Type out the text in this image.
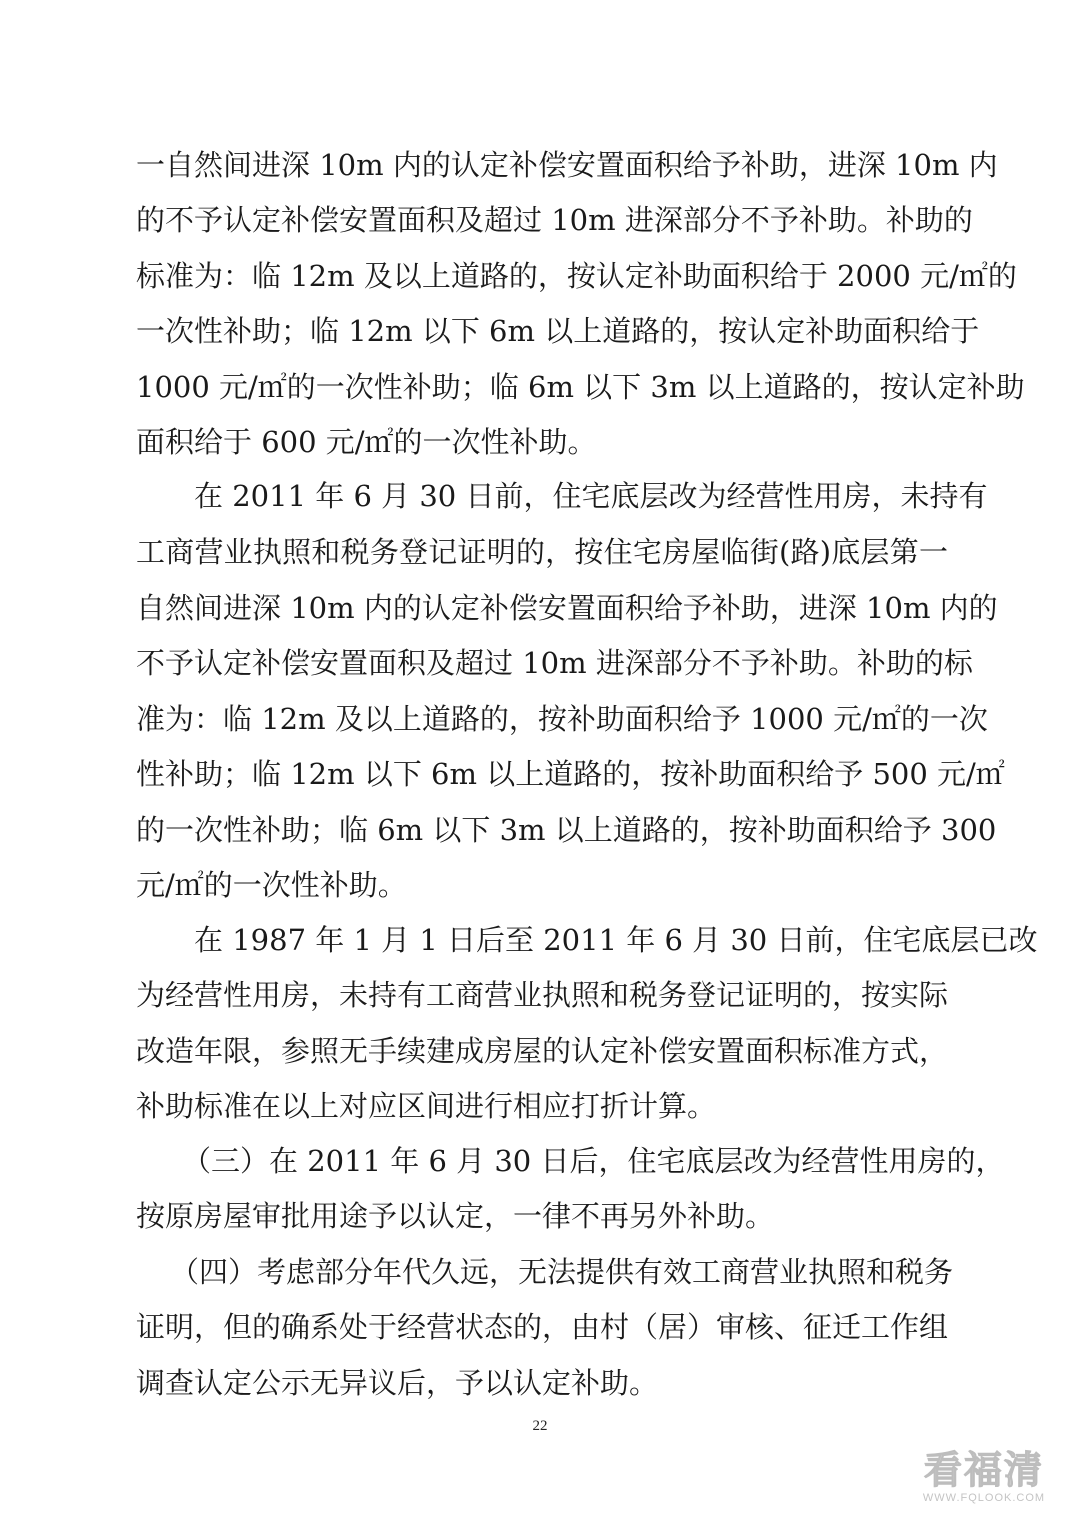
一自然间进深 10m 内的认定补偿安置面积给予补助，进深 10m 内
的不予认定补偿安置面积及超过 10m 进深部分不予补助。补助的
标准为：临 12m 及以上道路的，按认定补助面积给于 2000 元/㎡的
一次性补助；临 12m 以下 6m 以上道路的，按认定补助面积给于
1000 元/㎡的一次性补助；临 6m 以下 3m 以上道路的，按认定补助
面积给于 600 元/㎡的一次性补助。
在 2011 年 6 月 30 日前，住宅底层改为经营性用房，未持有
工商营业执照和税务登记证明的，按住宅房屋临街(路)底层第一
自然间进深 10m 内的认定补偿安置面积给予补助，进深 10m 内的
不予认定补偿安置面积及超过 10m 进深部分不予补助。补助的标
准为：临 12m 及以上道路的，按补助面积给予 1000 元/㎡的一次
性补助；临 12m 以下 6m 以上道路的，按补助面积给予 500 元/㎡
的一次性补助；临 6m 以下 3m 以上道路的，按补助面积给予 300
元/㎡的一次性补助。
在 1987 年 1 月 1 日后至 2011 年 6 月 30 日前，住宅底层已改
为经营性用房，未持有工商营业执照和税务登记证明的，按实际
改造年限，参照无手续建成房屋的认定补偿安置面积标准方式，
补助标准在以上对应区间进行相应打折计算。
（三）在 2011 年 6 月 30 日后，住宅底层改为经营性用房的，
按原房屋审批用途予以认定，一律不再另外补助。
（四）考虑部分年代久远，无法提供有效工商营业执照和税务
证明，但的确系处于经营状态的，由村（居）审核、征迁工作组
调查认定公示无异议后，予以认定补助。
22
看福清
WWW.FQLOOK.COM
